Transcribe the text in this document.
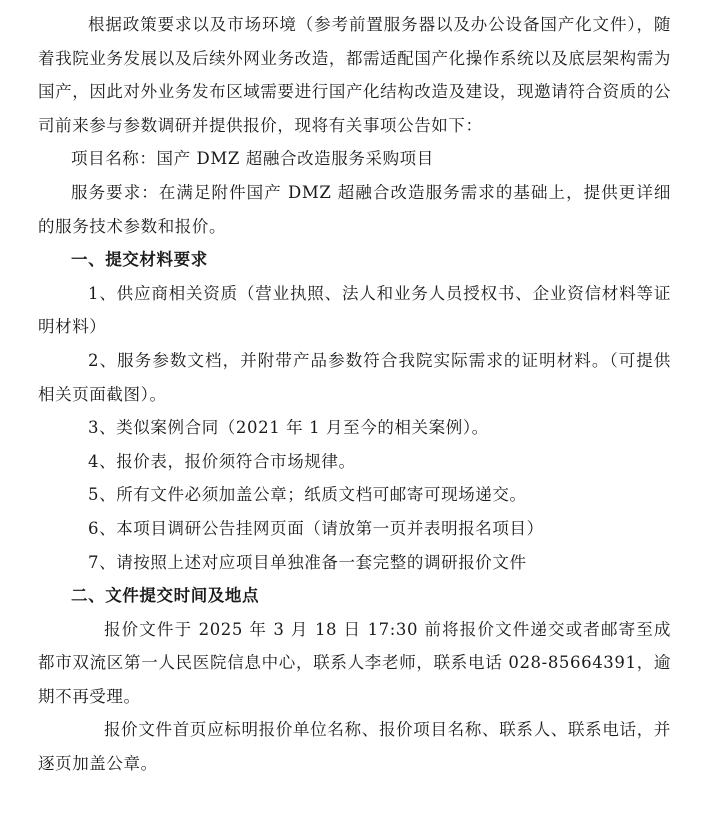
根据政策要求以及市场环境（参考前置服务器以及办公设备国产化文件），随着我院业务发展以及后续外网业务改造，都需适配国产化操作系统以及底层架构需为国产，因此对外业务发布区域需要进行国产化结构改造及建设，现邀请符合资质的公司前来参与参数调研并提供报价，现将有关事项公告如下：

项目名称：国产 DMZ 超融合改造服务采购项目

服务要求：在满足附件国产 DMZ 超融合改造服务需求的基础上，提供更详细的服务技术参数和报价。

一、提交材料要求

1、供应商相关资质（营业执照、法人和业务人员授权书、企业资信材料等证明材料）

2、服务参数文档，并附带产品参数符合我院实际需求的证明材料。（可提供相关页面截图）。

3、类似案例合同（2021 年 1 月至今的相关案例）。

4、报价表，报价须符合市场规律。

5、所有文件必须加盖公章；纸质文档可邮寄可现场递交。

6、本项目调研公告挂网页面（请放第一页并表明报名项目）

7、请按照上述对应项目单独准备一套完整的调研报价文件

二、文件提交时间及地点

报价文件于 2025 年 3 月 18 日 17:30 前将报价文件递交或者邮寄至成都市双流区第一人民医院信息中心，联系人李老师，联系电话 028-85664391，逾期不再受理。

报价文件首页应标明报价单位名称、报价项目名称、联系人、联系电话，并逐页加盖公章。
